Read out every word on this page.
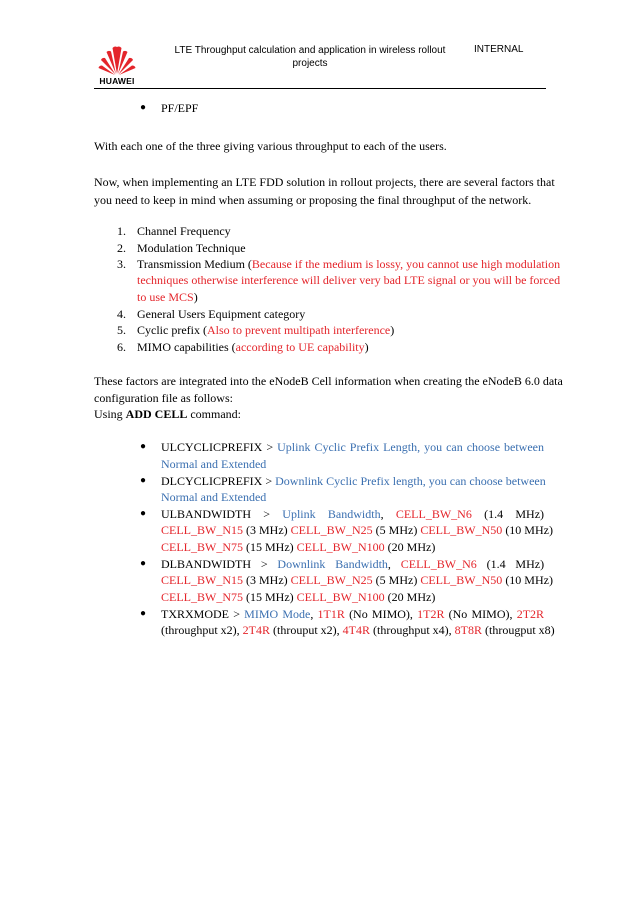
HUAWEI
LTE Throughput calculation and application in wireless rollout
projects
INTERNAL
● PF/EPF
With each one of the three giving various throughput to each of the users.
Now, when implementing an LTE FDD solution in rollout projects, there are several factors that
you need to keep in mind when assuming or proposing the final throughput of the network.
1. Channel Frequency
2. Modulation Technique
3. Transmission Medium (Because if the medium is lossy, you cannot use high modulation
techniques otherwise interference will deliver very bad LTE signal or you will be forced
to use MCS)
4. General Users Equipment category
5. Cyclic prefix (Also to prevent multipath interference)
6. MIMO capabilities (according to UE capability)
These factors are integrated into the eNodeB Cell information when creating the eNodeB 6.0 data
configuration file as follows:
Using ADD CELL command:
● ULCYCLICPREFIX > Uplink Cyclic Prefix Length, you can choose between
Normal and Extended
● DLCYCLICPREFIX > Downlink Cyclic Prefix length, you can choose between
Normal and Extended
● ULBANDWIDTH > Uplink Bandwidth, CELL_BW_N6 (1.4 MHz)
CELL_BW_N15 (3 MHz) CELL_BW_N25 (5 MHz) CELL_BW_N50 (10 MHz)
CELL_BW_N75 (15 MHz) CELL_BW_N100 (20 MHz)
● DLBANDWIDTH > Downlink Bandwidth, CELL_BW_N6 (1.4 MHz)
CELL_BW_N15 (3 MHz) CELL_BW_N25 (5 MHz) CELL_BW_N50 (10 MHz)
CELL_BW_N75 (15 MHz) CELL_BW_N100 (20 MHz)
● TXRXMODE > MIMO Mode, 1T1R (No MIMO), 1T2R (No MIMO), 2T2R
(throughput x2), 2T4R (throuput x2), 4T4R (throughput x4), 8T8R (througput x8)
